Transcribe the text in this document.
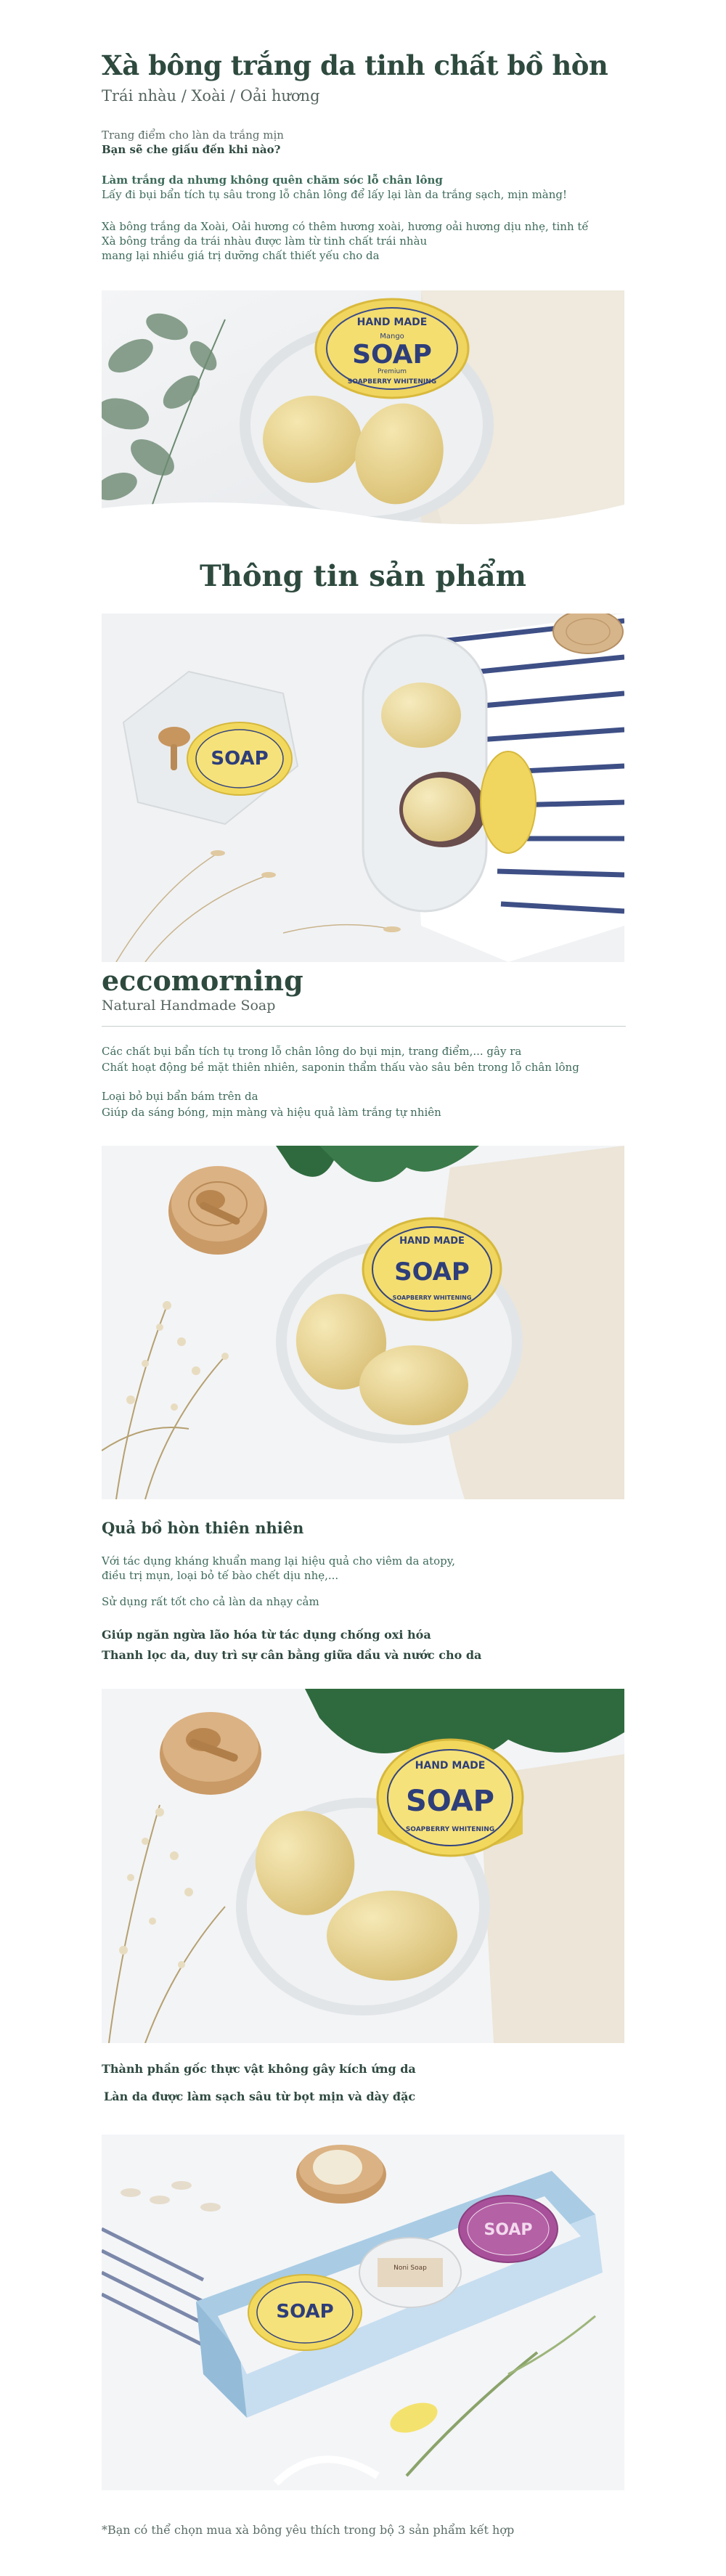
Xà bông trắng da tinh chất bồ hòn
Trái nhàu / Xoài / Oải hương
Trang điểm cho làn da trắng mịn
Bạn sẽ che giấu đến khi nào?
Làm trắng da nhưng không quên chăm sóc lỗ chân lông
Lấy đi bụi bẩn tích tụ sâu trong lỗ chân lông để lấy lại làn da trắng sạch, mịn màng!
Xà bông trắng da Xoài, Oải hương có thêm hương xoài, hương oải hương dịu nhẹ, tinh tế
Xà bông trắng da trái nhàu được làm từ tinh chất trái nhàu
mang lại nhiều giá trị dưỡng chất thiết yếu cho da
HAND MADE
Mango
SOAP
Premium
SOAPBERRY WHITENING
Thông tin sản phẩm
SOAP
eccomorning
Natural Handmade Soap
Các chất bụi bẩn tích tụ trong lỗ chân lông do bụi mịn, trang điểm,... gây ra
Chất hoạt động bề mặt thiên nhiên, saponin thẩm thấu vào sâu bên trong lỗ chân lông
Loại bỏ bụi bẩn bám trên da
Giúp da sáng bóng, mịn màng và hiệu quả làm trắng tự nhiên
HAND MADE
SOAP
SOAPBERRY WHITENING
Quả bồ hòn thiên nhiên
Với tác dụng kháng khuẩn mang lại hiệu quả cho viêm da atopy,
điều trị mụn, loại bỏ tế bào chết dịu nhẹ,...
Sử dụng rất tốt cho cả làn da nhạy cảm
Giúp ngăn ngừa lão hóa từ tác dụng chống oxi hóa
Thanh lọc da, duy trì sự cân bằng giữa dầu và nước cho da
HAND MADE
SOAP
SOAPBERRY WHITENING
Thành phần gốc thực vật không gây kích ứng da
Làn da được làm sạch sâu từ bọt mịn và dày đặc
SOAP
Noni Soap
SOAP
*Bạn có thể chọn mua xà bông yêu thích trong bộ 3 sản phẩm kết hợp
